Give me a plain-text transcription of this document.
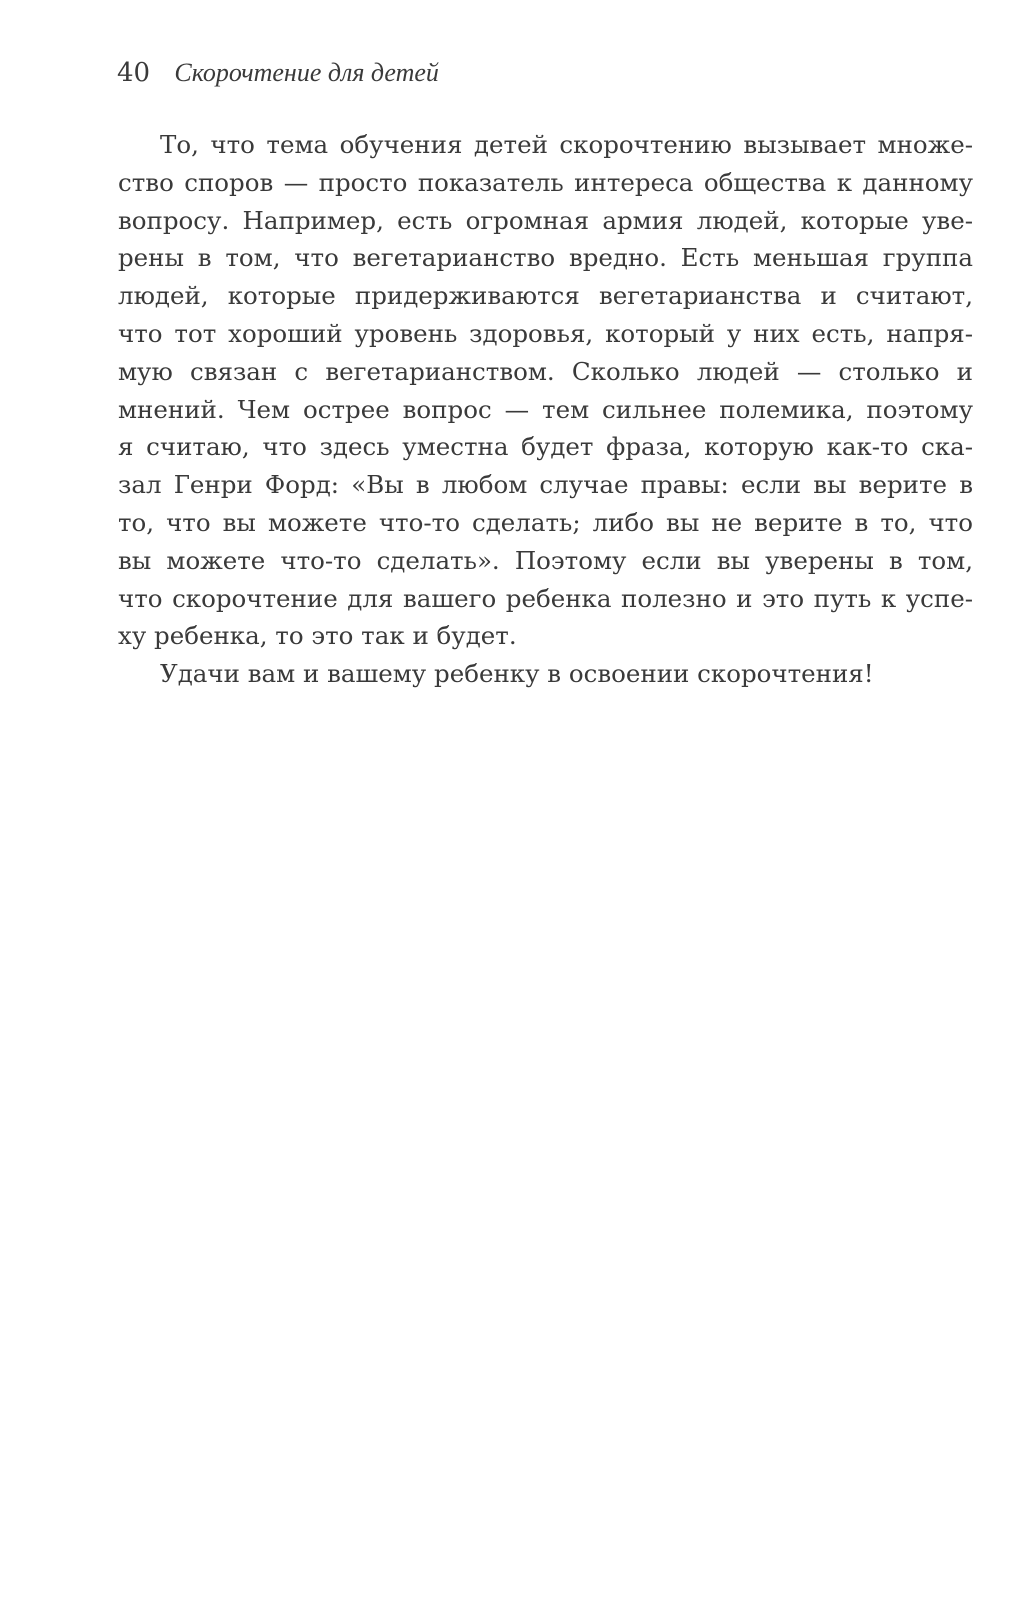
40 Скорочтение для детей
То, что тема обучения детей скорочтению вызывает множе-
ство споров — просто показатель интереса общества к данному
вопросу. Например, есть огромная армия людей, которые уве-
рены в том, что вегетарианство вредно. Есть меньшая группа
людей, которые придерживаются вегетарианства и считают,
что тот хороший уровень здоровья, который у них есть, напря-
мую связан с вегетарианством. Сколько людей — столько и
мнений. Чем острее вопрос — тем сильнее полемика, поэтому
я считаю, что здесь уместна будет фраза, которую как-то ска-
зал Генри Форд: «Вы в любом случае правы: если вы верите в
то, что вы можете что-то сделать; либо вы не верите в то, что
вы можете что-то сделать». Поэтому если вы уверены в том,
что скорочтение для вашего ребенка полезно и это путь к успе-
ху ребенка, то это так и будет.
Удачи вам и вашему ребенку в освоении скорочтения!
